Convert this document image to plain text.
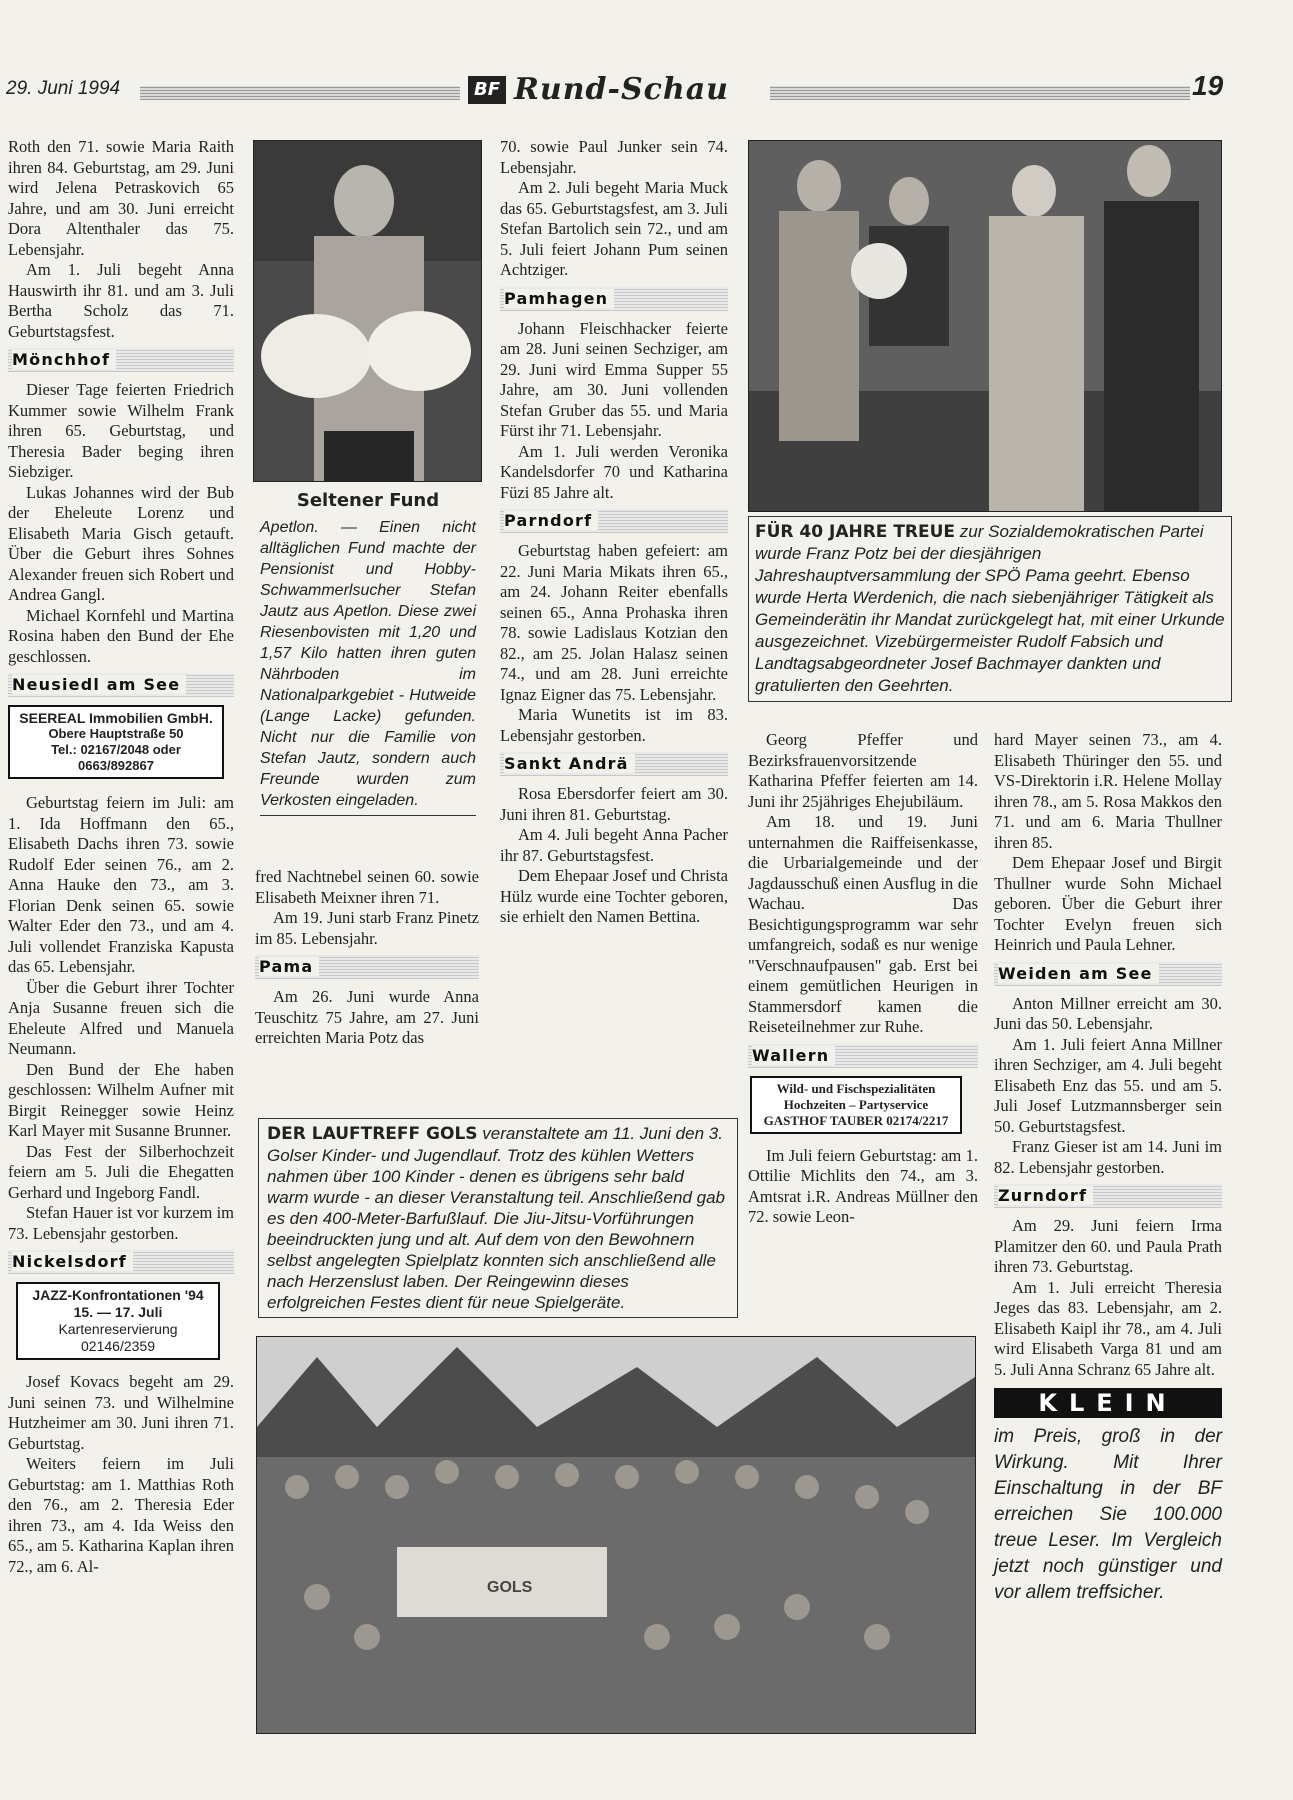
29. Juni 1994	BF Rund-Schau	19

Roth den 71. sowie Maria Raith ihren 84. Geburtstag, am 29. Juni wird Jelena Petraskovich 65 Jahre, und am 30. Juni erreicht Dora Altenthaler das 75. Lebensjahr.

Am 1. Juli begeht Anna Hauswirth ihr 81. und am 3. Juli Bertha Scholz das 71. Geburtstagsfest.

Mönchhof

Dieser Tage feierten Friedrich Kummer sowie Wilhelm Frank ihren 65. Geburtstag, und Theresia Bader beging ihren Siebziger.

Lukas Johannes wird der Bub der Eheleute Lorenz und Elisabeth Maria Gisch getauft. Über die Geburt ihres Sohnes Alexander freuen sich Robert und Andrea Gangl.

Michael Kornfehl und Martina Rosina haben den Bund der Ehe geschlossen.

Neusiedl am See
SEEREAL Immobilien GmbH.
Obere Hauptstraße 50
Tel.: 02167/2048 oder 0663/892867

Geburtstag feiern im Juli: am 1. Ida Hoffmann den 65., Elisabeth Dachs ihren 73. sowie Rudolf Eder seinen 76., am 2. Anna Hauke den 73., am 3. Florian Denk seinen 65. sowie Walter Eder den 73., und am 4. Juli vollendet Franziska Kapusta das 65. Lebensjahr.

Über die Geburt ihrer Tochter Anja Susanne freuen sich die Eheleute Alfred und Manuela Neumann.

Den Bund der Ehe haben geschlossen: Wilhelm Aufner mit Birgit Reinegger sowie Heinz Karl Mayer mit Susanne Brunner.

Das Fest der Silberhochzeit feiern am 5. Juli die Ehegatten Gerhard und Ingeborg Fandl.

Stefan Hauer ist vor kurzem im 73. Lebensjahr gestorben.

Nickelsdorf
JAZZ-Konfrontationen '94
15. — 17. Juli
Kartenreservierung 02146/2359

Josef Kovacs begeht am 29. Juni seinen 73. und Wilhelmine Hutzheimer am 30. Juni ihren 71. Geburtstag.

Weiters feiern im Juli Geburtstag: am 1. Matthias Roth den 76., am 2. Theresia Eder ihren 73., am 4. Ida Weiss den 65., am 5. Katharina Kaplan ihren 72., am 6. Al-

Seltener Fund
Apetlon. — Einen nicht alltäglichen Fund machte der Pensionist und Hobby-Schwammerlsucher Stefan Jautz aus Apetlon. Diese zwei Riesenbovisten mit 1,20 und 1,57 Kilo hatten ihren guten Nährboden im Nationalparkgebiet - Hutweide (Lange Lacke) gefunden. Nicht nur die Familie von Stefan Jautz, sondern auch Freunde wurden zum Verkosten eingeladen.

fred Nachtnebel seinen 60. sowie Elisabeth Meixner ihren 71.

Am 19. Juni starb Franz Pinetz im 85. Lebensjahr.

Pama

Am 26. Juni wurde Anna Teuschitz 75 Jahre, am 27. Juni erreichten Maria Potz das

70. sowie Paul Junker sein 74. Lebensjahr.

Am 2. Juli begeht Maria Muck das 65. Geburtstagsfest, am 3. Juli Stefan Bartolich sein 72., und am 5. Juli feiert Johann Pum seinen Achtziger.

Pamhagen

Johann Fleischhacker feierte am 28. Juni seinen Sechziger, am 29. Juni wird Emma Supper 55 Jahre, am 30. Juni vollenden Stefan Gruber das 55. und Maria Fürst ihr 71. Lebensjahr.

Am 1. Juli werden Veronika Kandelsdorfer 70 und Katharina Füzi 85 Jahre alt.

Parndorf

Geburtstag haben gefeiert: am 22. Juni Maria Mikats ihren 65., am 24. Johann Reiter ebenfalls seinen 65., Anna Prohaska ihren 78. sowie Ladislaus Kotzian den 82., am 25. Jolan Halasz seinen 74., und am 28. Juni erreichte Ignaz Eigner das 75. Lebensjahr.

Maria Wunetits ist im 83. Lebensjahr gestorben.

Sankt Andrä

Rosa Ebersdorfer feiert am 30. Juni ihren 81. Geburtstag.

Am 4. Juli begeht Anna Pacher ihr 87. Geburtstagsfest.

Dem Ehepaar Josef und Christa Hülz wurde eine Tochter geboren, sie erhielt den Namen Bettina.

FÜR 40 JAHRE TREUE zur Sozialdemokratischen Partei wurde Franz Potz bei der diesjährigen Jahreshauptversammlung der SPÖ Pama geehrt. Ebenso wurde Herta Werdenich, die nach siebenjähriger Tätigkeit als Gemeinderätin ihr Mandat zurückgelegt hat, mit einer Urkunde ausgezeichnet. Vizebürgermeister Rudolf Fabsich und Landtagsabgeordneter Josef Bachmayer dankten und gratulierten den Geehrten.

Georg Pfeffer und Bezirksfrauenvorsitzende Katharina Pfeffer feierten am 14. Juni ihr 25jähriges Ehejubiläum.

Am 18. und 19. Juni unternahmen die Raiffeisenkasse, die Urbarialgemeinde und der Jagdausschuß einen Ausflug in die Wachau. Das Besichtigungsprogramm war sehr umfangreich, sodaß es nur wenige "Verschnaufpausen" gab. Erst bei einem gemütlichen Heurigen in Stammersdorf kamen die Reiseteilnehmer zur Ruhe.

Wallern
Wild- und Fischspezialitäten
Hochzeiten – Partyservice
GASTHOF TAUBER 02174/2217

Im Juli feiern Geburtstag: am 1. Ottilie Michlits den 74., am 3. Amtsrat i.R. Andreas Müllner den 72. sowie Leon-

hard Mayer seinen 73., am 4. Elisabeth Thüringer den 55. und VS-Direktorin i.R. Helene Mollay ihren 78., am 5. Rosa Makkos den 71. und am 6. Maria Thullner ihren 85.

Dem Ehepaar Josef und Birgit Thullner wurde Sohn Michael geboren. Über die Geburt ihrer Tochter Evelyn freuen sich Heinrich und Paula Lehner.

Weiden am See

Anton Millner erreicht am 30. Juni das 50. Lebensjahr.

Am 1. Juli feiert Anna Millner ihren Sechziger, am 4. Juli begeht Elisabeth Enz das 55. und am 5. Juli Josef Lutzmannsberger sein 50. Geburtstagsfest.

Franz Gieser ist am 14. Juni im 82. Lebensjahr gestorben.

Zurndorf

Am 29. Juni feiern Irma Plamitzer den 60. und Paula Prath ihren 73. Geburtstag.

Am 1. Juli erreicht Theresia Jeges das 83. Lebensjahr, am 2. Elisabeth Kaipl ihr 78., am 4. Juli wird Elisabeth Varga 81 und am 5. Juli Anna Schranz 65 Jahre alt.

KLEIN
im Preis, groß in der Wirkung. Mit Ihrer Einschaltung in der BF erreichen Sie 100.000 treue Leser. Im Vergleich jetzt noch günstiger und vor allem treffsicher.
DER LAUFTREFF GOLS veranstaltete am 11. Juni den 3. Golser Kinder- und Jugendlauf. Trotz des kühlen Wetters nahmen über 100 Kinder - denen es übrigens sehr bald warm wurde - an dieser Veranstaltung teil. Anschließend gab es den 400-Meter-Barfußlauf. Die Jiu-Jitsu-Vorführungen beeindruckten jung und alt. Auf dem von den Bewohnern selbst angelegten Spielplatz konnten sich anschließend alle nach Herzenslust laben. Der Reingewinn dieses erfolgreichen Festes dient für neue Spielgeräte.
GOLS
